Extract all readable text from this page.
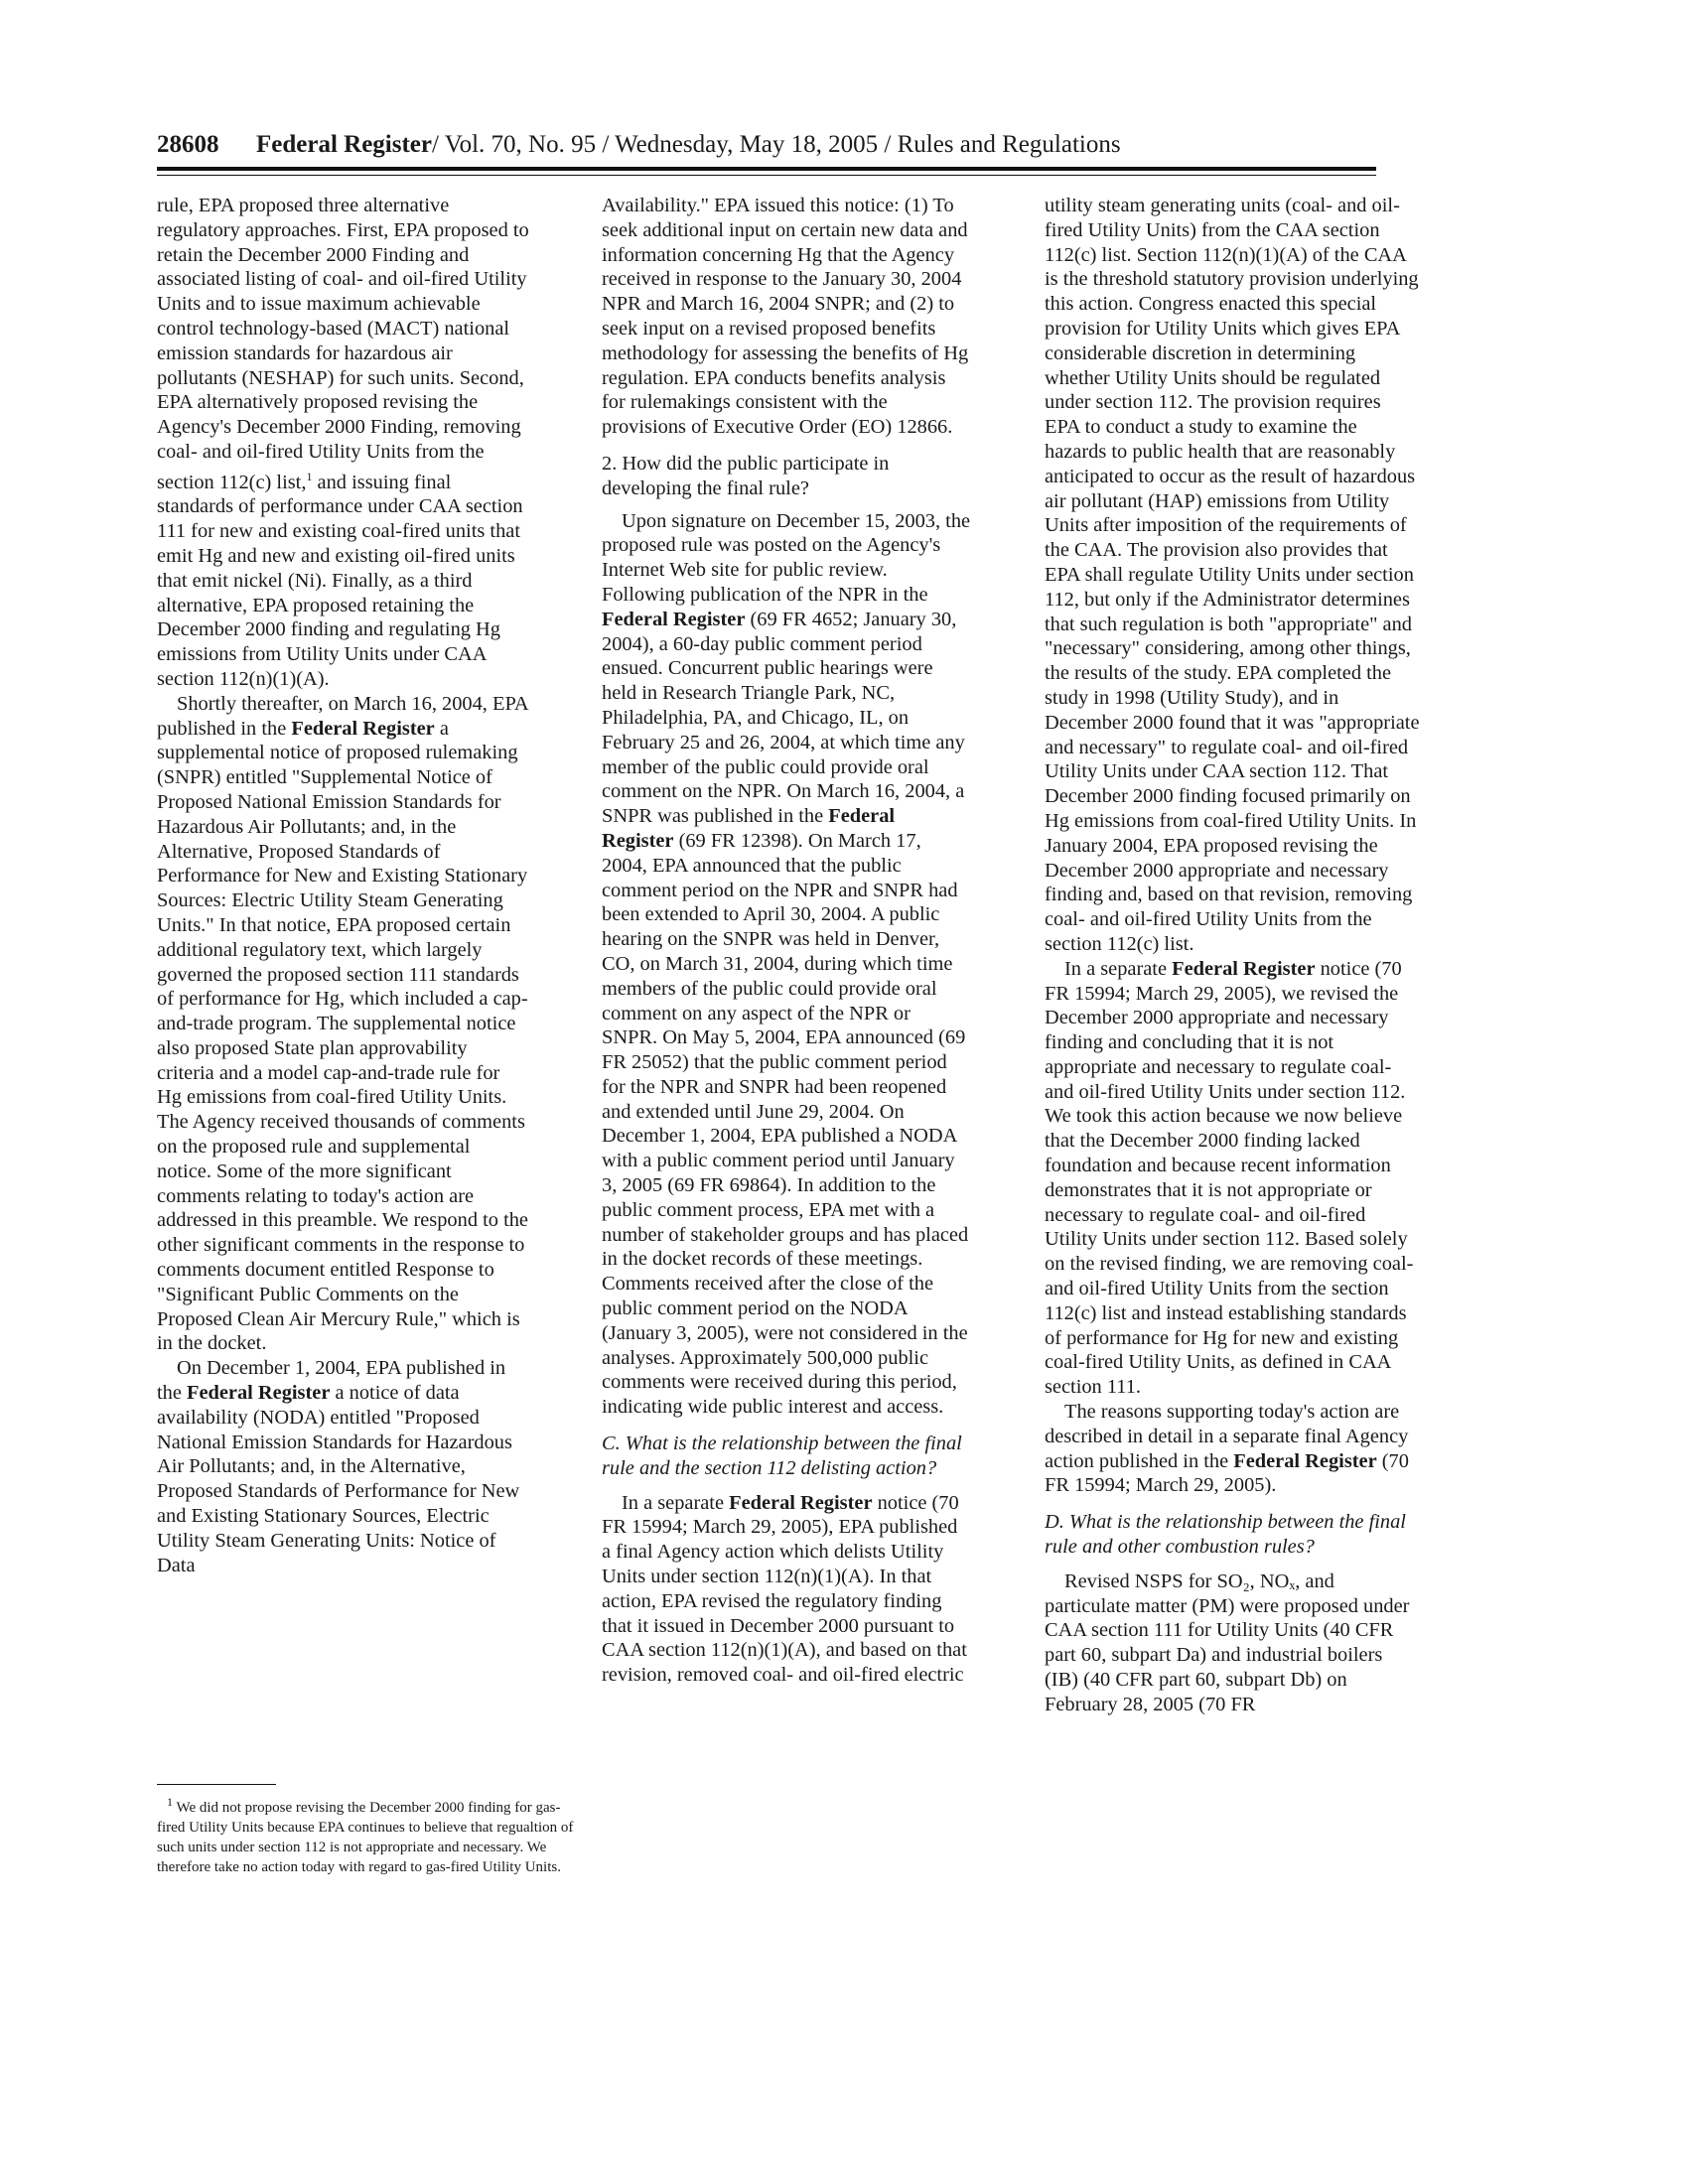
28608 Federal Register/ Vol. 70, No. 95 / Wednesday, May 18, 2005 / Rules and Regulations

rule, EPA proposed three alternative regulatory approaches. First, EPA proposed to retain the December 2000 Finding and associated listing of coal- and oil-fired Utility Units and to issue maximum achievable control technology-based (MACT) national emission standards for hazardous air pollutants (NESHAP) for such units. Second, EPA alternatively proposed revising the Agency's December 2000 Finding, removing coal- and oil-fired Utility Units from the section 112(c) list,$^1$ and issuing final standards of performance under CAA section 111 for new and existing coal-fired units that emit Hg and new and existing oil-fired units that emit nickel (Ni). Finally, as a third alternative, EPA proposed retaining the December 2000 finding and regulating Hg emissions from Utility Units under CAA section 112(n)(1)(A).

Shortly thereafter, on March 16, 2004, EPA published in the Federal Register a supplemental notice of proposed rulemaking (SNPR) entitled "Supplemental Notice of Proposed National Emission Standards for Hazardous Air Pollutants; and, in the Alternative, Proposed Standards of Performance for New and Existing Stationary Sources: Electric Utility Steam Generating Units." In that notice, EPA proposed certain additional regulatory text, which largely governed the proposed section 111 standards of performance for Hg, which included a cap-and-trade program. The supplemental notice also proposed State plan approvability criteria and a model cap-and-trade rule for Hg emissions from coal-fired Utility Units. The Agency received thousands of comments on the proposed rule and supplemental notice. Some of the more significant comments relating to today's action are addressed in this preamble. We respond to the other significant comments in the response to comments document entitled Response to "Significant Public Comments on the Proposed Clean Air Mercury Rule," which is in the docket.

On December 1, 2004, EPA published in the Federal Register a notice of data availability (NODA) entitled "Proposed National Emission Standards for Hazardous Air Pollutants; and, in the Alternative, Proposed Standards of Performance for New and Existing Stationary Sources, Electric Utility Steam Generating Units: Notice of Data

$^1$ We did not propose revising the December 2000 finding for gas-fired Utility Units because EPA continues to believe that regualtion of such units under section 112 is not appropriate and necessary. We therefore take no action today with regard to gas-fired Utility Units.

Availability." EPA issued this notice: (1) To seek additional input on certain new data and information concerning Hg that the Agency received in response to the January 30, 2004 NPR and March 16, 2004 SNPR; and (2) to seek input on a revised proposed benefits methodology for assessing the benefits of Hg regulation. EPA conducts benefits analysis for rulemakings consistent with the provisions of Executive Order (EO) 12866.

2. How did the public participate in developing the final rule?

Upon signature on December 15, 2003, the proposed rule was posted on the Agency's Internet Web site for public review. Following publication of the NPR in the Federal Register (69 FR 4652; January 30, 2004), a 60-day public comment period ensued. Concurrent public hearings were held in Research Triangle Park, NC, Philadelphia, PA, and Chicago, IL, on February 25 and 26, 2004, at which time any member of the public could provide oral comment on the NPR. On March 16, 2004, a SNPR was published in the Federal Register (69 FR 12398). On March 17, 2004, EPA announced that the public comment period on the NPR and SNPR had been extended to April 30, 2004. A public hearing on the SNPR was held in Denver, CO, on March 31, 2004, during which time members of the public could provide oral comment on any aspect of the NPR or SNPR. On May 5, 2004, EPA announced (69 FR 25052) that the public comment period for the NPR and SNPR had been reopened and extended until June 29, 2004. On December 1, 2004, EPA published a NODA with a public comment period until January 3, 2005 (69 FR 69864). In addition to the public comment process, EPA met with a number of stakeholder groups and has placed in the docket records of these meetings. Comments received after the close of the public comment period on the NODA (January 3, 2005), were not considered in the analyses. Approximately 500,000 public comments were received during this period, indicating wide public interest and access.

C. What is the relationship between the final rule and the section 112 delisting action?

In a separate Federal Register notice (70 FR 15994; March 29, 2005), EPA published a final Agency action which delists Utility Units under section 112(n)(1)(A). In that action, EPA revised the regulatory finding that it issued in December 2000 pursuant to CAA section 112(n)(1)(A), and based on that revision, removed coal- and oil-fired electric

utility steam generating units (coal- and oil-fired Utility Units) from the CAA section 112(c) list. Section 112(n)(1)(A) of the CAA is the threshold statutory provision underlying this action. Congress enacted this special provision for Utility Units which gives EPA considerable discretion in determining whether Utility Units should be regulated under section 112. The provision requires EPA to conduct a study to examine the hazards to public health that are reasonably anticipated to occur as the result of hazardous air pollutant (HAP) emissions from Utility Units after imposition of the requirements of the CAA. The provision also provides that EPA shall regulate Utility Units under section 112, but only if the Administrator determines that such regulation is both "appropriate" and "necessary" considering, among other things, the results of the study. EPA completed the study in 1998 (Utility Study), and in December 2000 found that it was "appropriate and necessary" to regulate coal- and oil-fired Utility Units under CAA section 112. That December 2000 finding focused primarily on Hg emissions from coal-fired Utility Units. In January 2004, EPA proposed revising the December 2000 appropriate and necessary finding and, based on that revision, removing coal- and oil-fired Utility Units from the section 112(c) list.

In a separate Federal Register notice (70 FR 15994; March 29, 2005), we revised the December 2000 appropriate and necessary finding and concluding that it is not appropriate and necessary to regulate coal- and oil-fired Utility Units under section 112. We took this action because we now believe that the December 2000 finding lacked foundation and because recent information demonstrates that it is not appropriate or necessary to regulate coal- and oil-fired Utility Units under section 112. Based solely on the revised finding, we are removing coal- and oil-fired Utility Units from the section 112(c) list and instead establishing standards of performance for Hg for new and existing coal-fired Utility Units, as defined in CAA section 111.

The reasons supporting today's action are described in detail in a separate final Agency action published in the Federal Register (70 FR 15994; March 29, 2005).

D. What is the relationship between the final rule and other combustion rules?

Revised NSPS for SO₂, NOₓ, and particulate matter (PM) were proposed under CAA section 111 for Utility Units (40 CFR part 60, subpart Da) and industrial boilers (IB) (40 CFR part 60, subpart Db) on February 28, 2005 (70 FR
